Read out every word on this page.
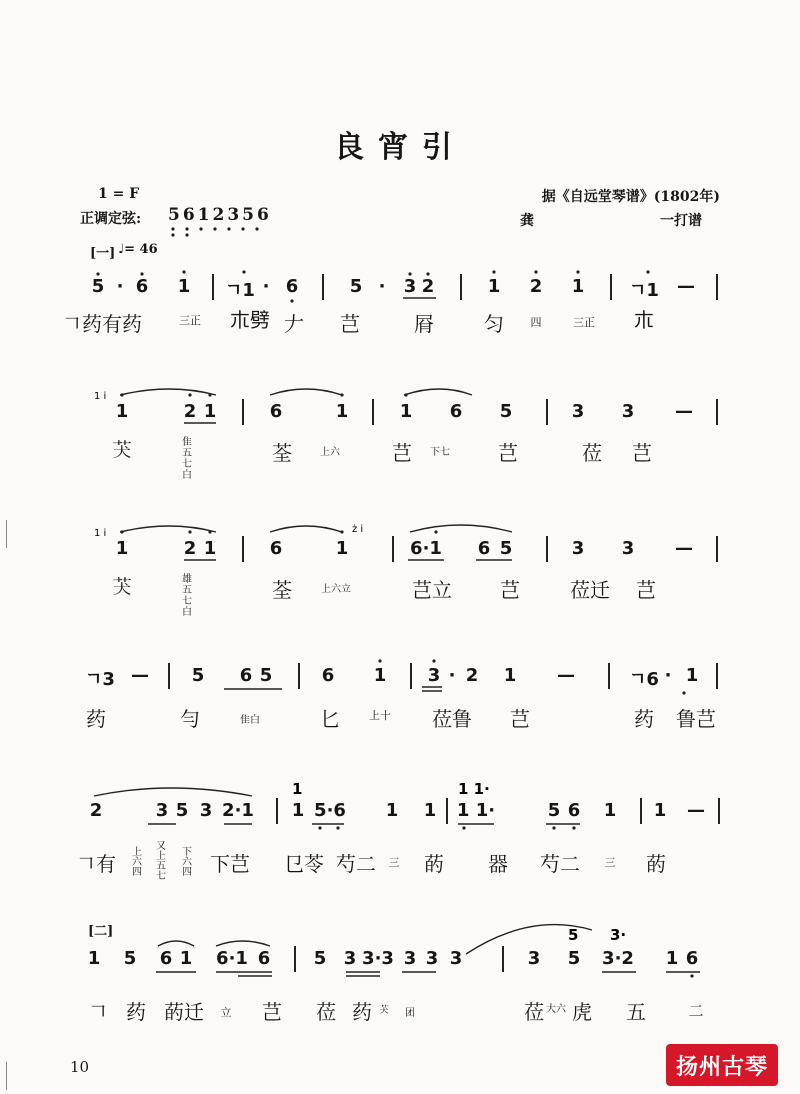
良宵引
1 = F
正调定弦: 5612356
据《自远堂琴谱》(1802年)
龚	一打谱
[一] ♩= 46
5 · 6 1 ㄱ1 · 6	5 · 3 2	1 2 1 ㄱ1 —
𠃍药有药	三正 𣎳劈 𠂇 芑	㞕	匀 四	三正 𣎳
1 i
1	2 1	6	1	1 6 5	3 3 —
𦬫	隹五七白
荃	上六	芑 下七 芑	莅 芑
1 i	ż i
1	2 1	6	1	6·1 6 5	3 3 —
𦬫	雄五七白
荃	上六立	芑立 芑	莅迁 芑
ㄱ3 — 5 6 5	6 1 3 · 2 1 —	ㄱ6 · 1
药	勻	隹白	匕	上十 莅鲁 芑	药 鲁芑
1	1 1·
2	3 5 3 2·1 1 5·6 1 1 1 1·	5 6 1 1 —
𠃍有 上六四
又上五七
下六四 下芑 㔾苓 芍二 三 菂 器 芍二 三 菂
[二]	5 3·
1 5 6 1 6·1 6 5 3 3·3 3 3 3	3 5 3·2 1 6
𠃍 药 菂迁 立 芑 莅 药 𦬫 团	莅 大六 虎 五	二
10	扬州古琴
